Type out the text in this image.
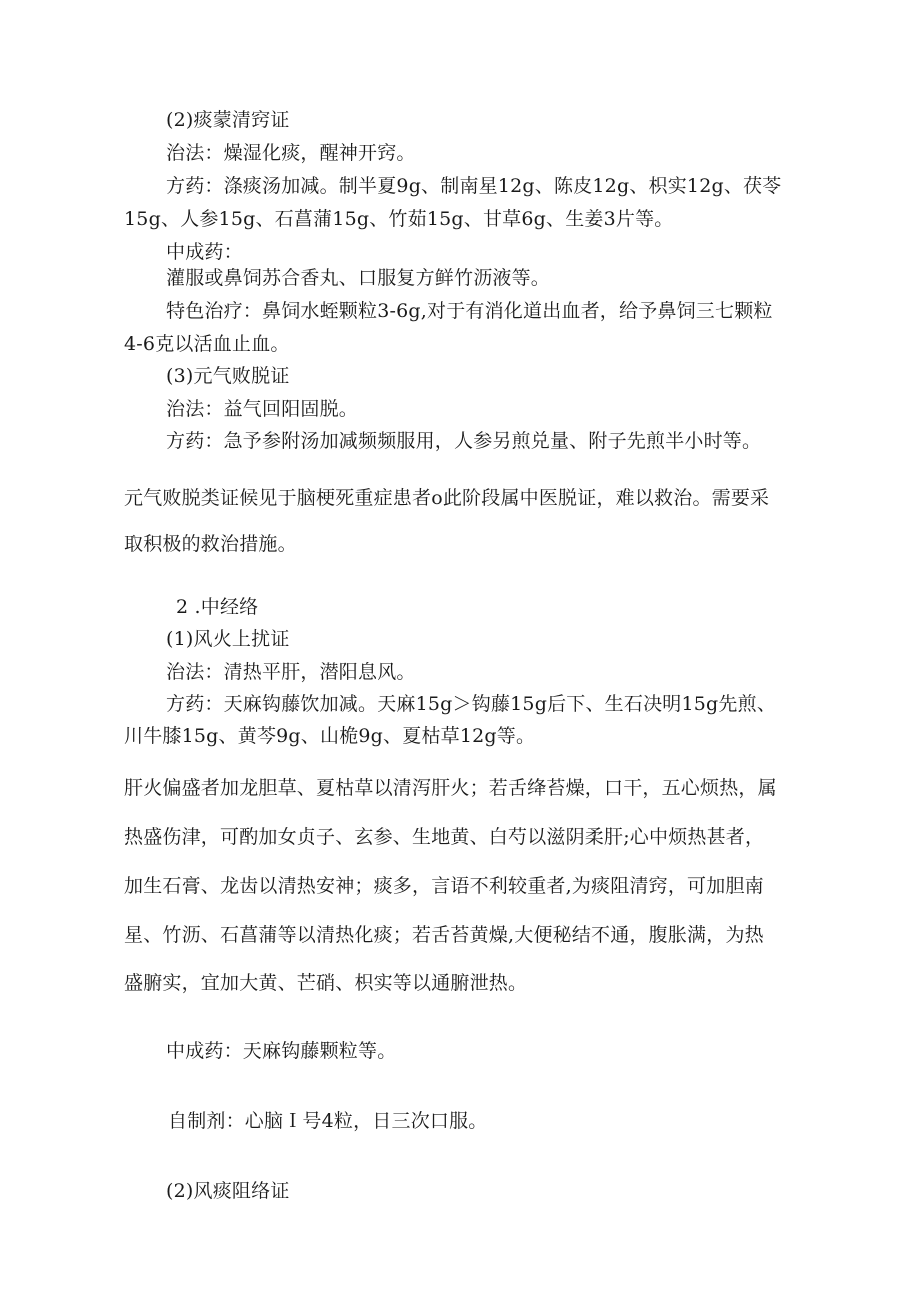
(2)痰蒙清窍证
治法：燥湿化痰，醒神开窍。
方药：涤痰汤加减。制半夏9g、制南星12g、陈皮12g、枳实12g、茯苓
15g、人参15g、石菖蒲15g、竹茹15g、甘草6g、生姜3片等。
中成药：
灌服或鼻饲苏合香丸、口服复方鲜竹沥液等。
特色治疗：鼻饲水蛭颗粒3-6g,对于有消化道出血者，给予鼻饲三七颗粒
4-6克以活血止血。
(3)元气败脱证
治法：益气回阳固脱。
方药：急予参附汤加减频频服用，人参另煎兑量、附子先煎半小时等。
元气败脱类证候见于脑梗死重症患者o此阶段属中医脱证，难以救治。需要采
取积极的救治措施。
2 .中经络
(1)风火上扰证
治法：清热平肝，潜阳息风。
方药：天麻钩藤饮加减。天麻15g＞钩藤15g后下、生石决明15g先煎、
川牛膝15g、黄芩9g、山桅9g、夏枯草12g等。
肝火偏盛者加龙胆草、夏枯草以清泻肝火；若舌绛苔燥，口干，五心烦热，属
热盛伤津，可酌加女贞子、玄参、生地黄、白芍以滋阴柔肝;心中烦热甚者，
加生石膏、龙齿以清热安神；痰多，言语不利较重者,为痰阻清窍，可加胆南
星、竹沥、石菖蒲等以清热化痰；若舌苔黄燥,大便秘结不通，腹胀满，为热
盛腑实，宜加大黄、芒硝、枳实等以通腑泄热。
中成药：天麻钩藤颗粒等。
自制剂：心脑Ｉ号4粒，日三次口服。
(2)风痰阻络证
